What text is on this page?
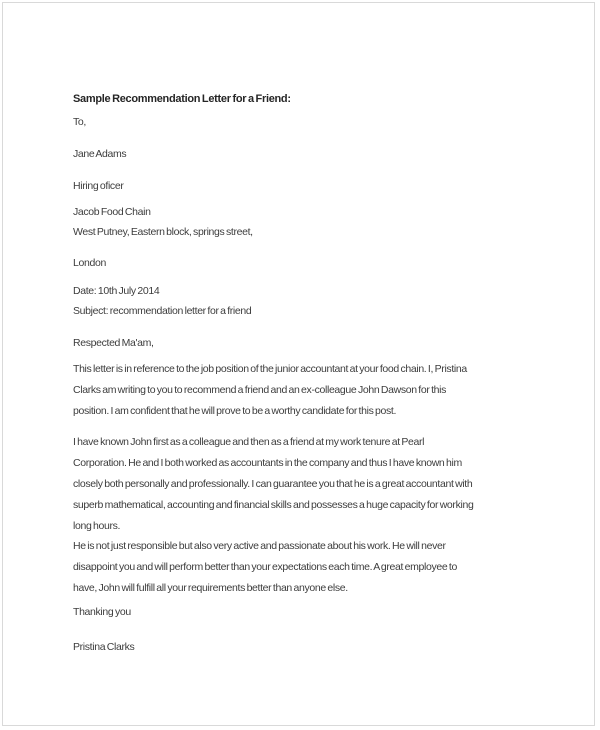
Sample Recommendation Letter for a Friend:
To,
Jane Adams
Hiring oficer
Jacob Food Chain
West Putney, Eastern block, springs street,
London
Date: 10th July 2014
Subject: recommendation letter for a friend
Respected Ma'am,
This letter is in reference to the job position of the junior accountant at your food chain. I, Pristina
Clarks am writing to you to recommend a friend and an ex-colleague John Dawson for this
position. I am confident that he will prove to be a worthy candidate for this post.
I have known John first as a colleague and then as a friend at my work tenure at Pearl
Corporation. He and I both worked as accountants in the company and thus I have known him
closely both personally and professionally. I can guarantee you that he is a great accountant with
superb mathematical, accounting and financial skills and possesses a huge capacity for working
long hours.
He is not just responsible but also very active and passionate about his work. He will never
disappoint you and will perform better than your expectations each time. A great employee to
have, John will fulfill all your requirements better than anyone else.
Thanking you
Pristina Clarks
